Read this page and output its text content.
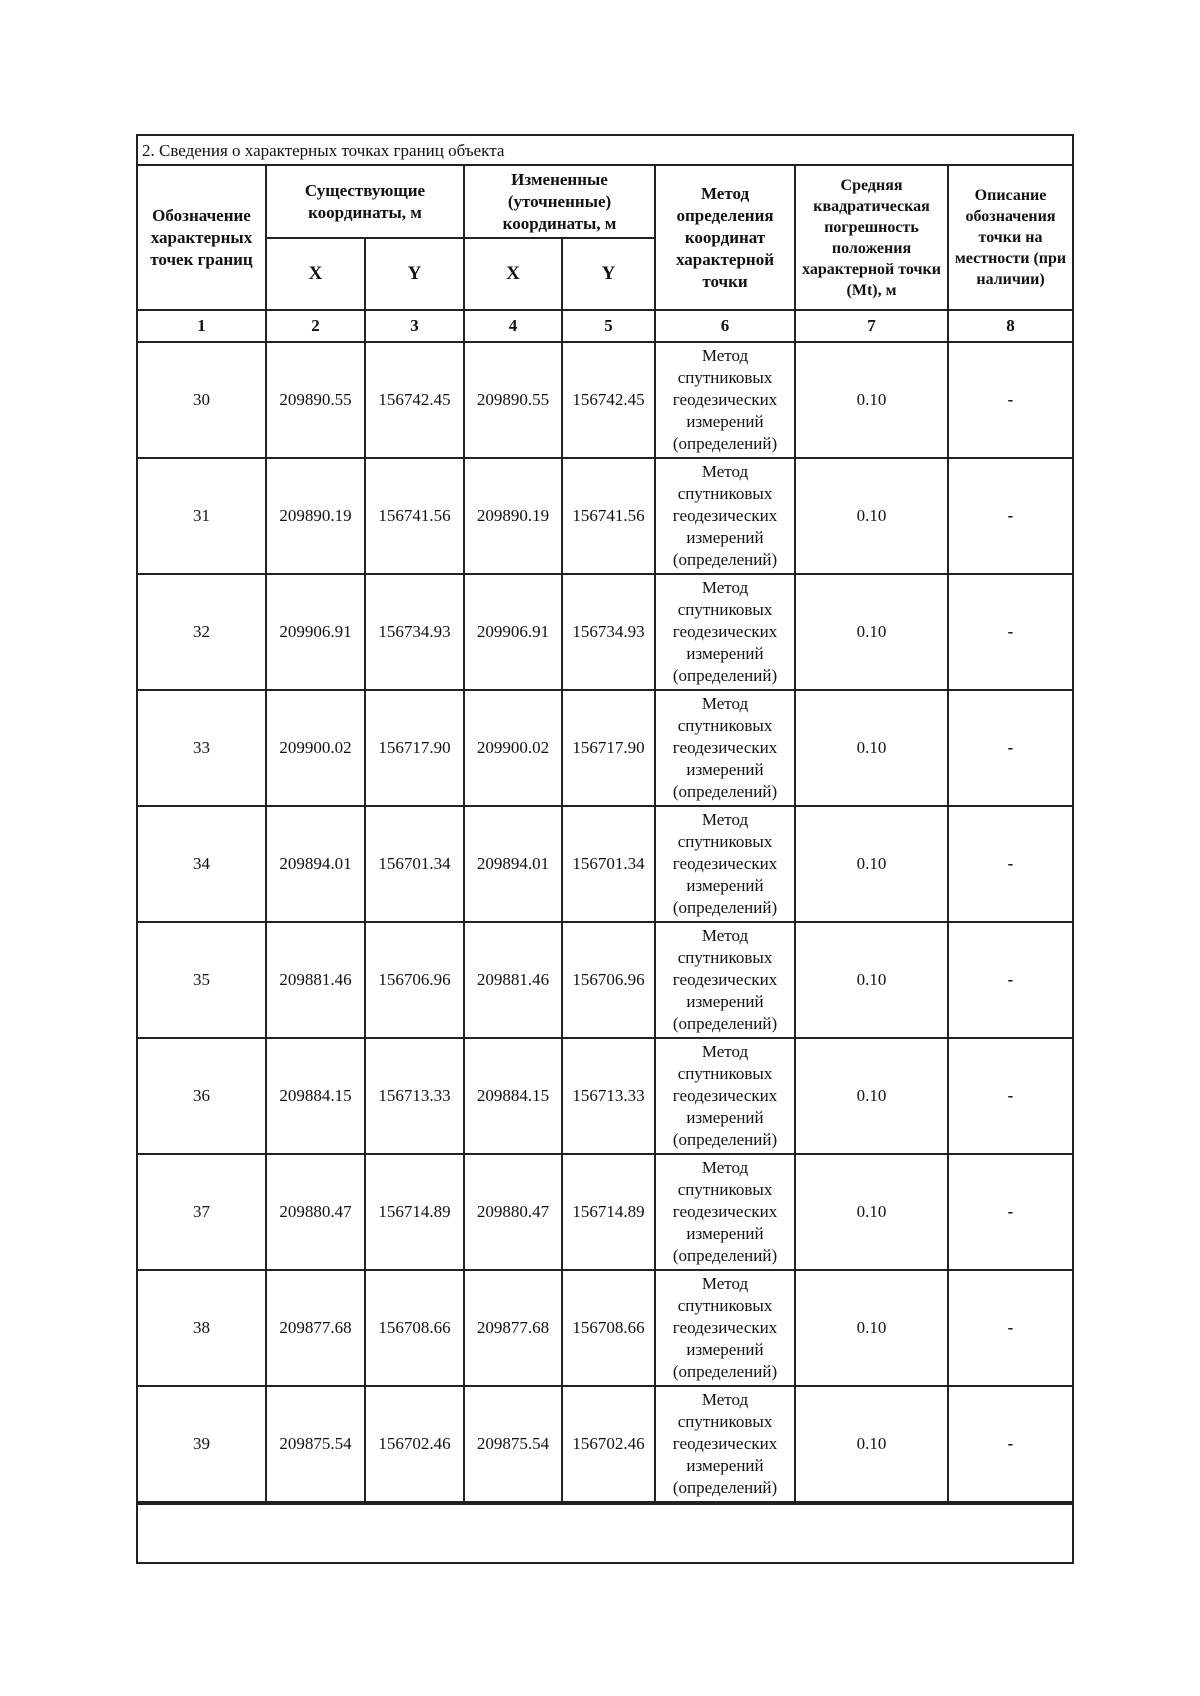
2. Сведения о характерных точках границ объекта
Обозначение характерных точек границ	Существующие координаты, м		Измененные (уточненные) координаты, м		Метод определения координат характерной точки	Средняя квадратическая погрешность положения характерной точки (Mt), м	Описание обозначения точки на местности (при наличии)
	X	Y	X	Y			
1	2	3	4	5	6	7	8
30	209890.55	156742.45	209890.55	156742.45	Метод спутниковых геодезических измерений (определений)	0.10	-
31	209890.19	156741.56	209890.19	156741.56	Метод спутниковых геодезических измерений (определений)	0.10	-
32	209906.91	156734.93	209906.91	156734.93	Метод спутниковых геодезических измерений (определений)	0.10	-
33	209900.02	156717.90	209900.02	156717.90	Метод спутниковых геодезических измерений (определений)	0.10	-
34	209894.01	156701.34	209894.01	156701.34	Метод спутниковых геодезических измерений (определений)	0.10	-
35	209881.46	156706.96	209881.46	156706.96	Метод спутниковых геодезических измерений (определений)	0.10	-
36	209884.15	156713.33	209884.15	156713.33	Метод спутниковых геодезических измерений (определений)	0.10	-
37	209880.47	156714.89	209880.47	156714.89	Метод спутниковых геодезических измерений (определений)	0.10	-
38	209877.68	156708.66	209877.68	156708.66	Метод спутниковых геодезических измерений (определений)	0.10	-
39	209875.54	156702.46	209875.54	156702.46	Метод спутниковых геодезических измерений (определений)	0.10	-
